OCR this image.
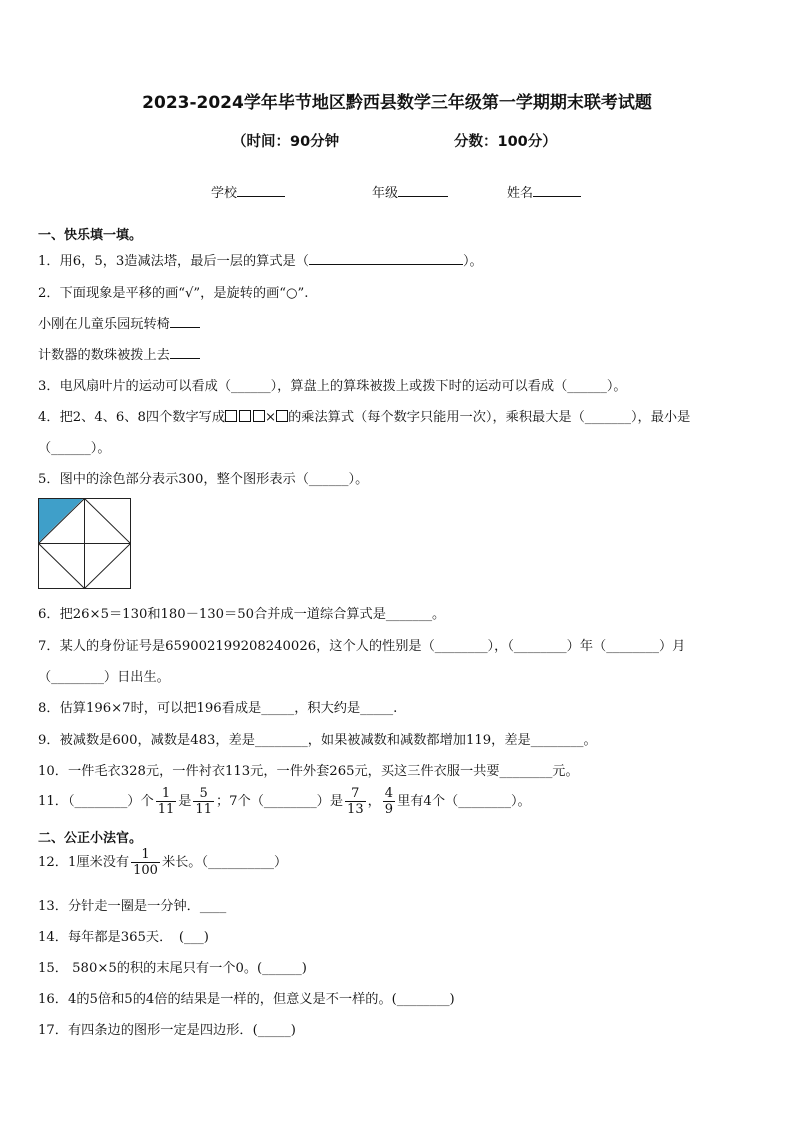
2023-2024学年毕节地区黔西县数学三年级第一学期期末联考试题
（时间：90分钟	分数：100分）
学校	年级	姓名
一、快乐填一填。
1．用6，5，3造减法塔，最后一层的算式是（	）。
2．下面现象是平移的画“√”，是旋转的画“○”.
小刚在儿童乐园玩转椅
计数器的数珠被拨上去
3．电风扇叶片的运动可以看成（______），算盘上的算珠被拨上或拨下时的运动可以看成（______）。
4．把2、4、6、8四个数字写成	× 的乘法算式（每个数字只能用一次），乘积最大是（_______），最小是
（______）。
5．图中的涂色部分表示300，整个图形表示（______）。
6．把26×5＝130和180－130＝50合并成一道综合算式是_______。
7．某人的身份证号是659002199208240026，这个人的性别是（________），（________）年（________）月
（________）日出生。
8．估算196×7时，可以把196看成是_____，积大约是_____.
9．被减数是600，减数是483，差是________，如果被减数和减数都增加119，差是________。
10．一件毛衣328元，一件衬衣113元，一件外套265元，买这三件衣服一共要________元。
11．（________）个 $\frac{1}{11}$ 是 $\frac{5}{11}$ ；7个（________）是 $\frac{7}{13}$ ， $\frac{4}{9}$ 里有4个（________）。
二、公正小法官。
12．1厘米没有 $\frac{1}{100}$ 米长。（__________）
13．分针走一圈是一分钟．____
14．每年都是365天．　(___)
15． 580×5的积的末尾只有一个0。(______)
16．4的5倍和5的4倍的结果是一样的，但意义是不一样的。(________)
17．有四条边的图形一定是四边形．(_____)
